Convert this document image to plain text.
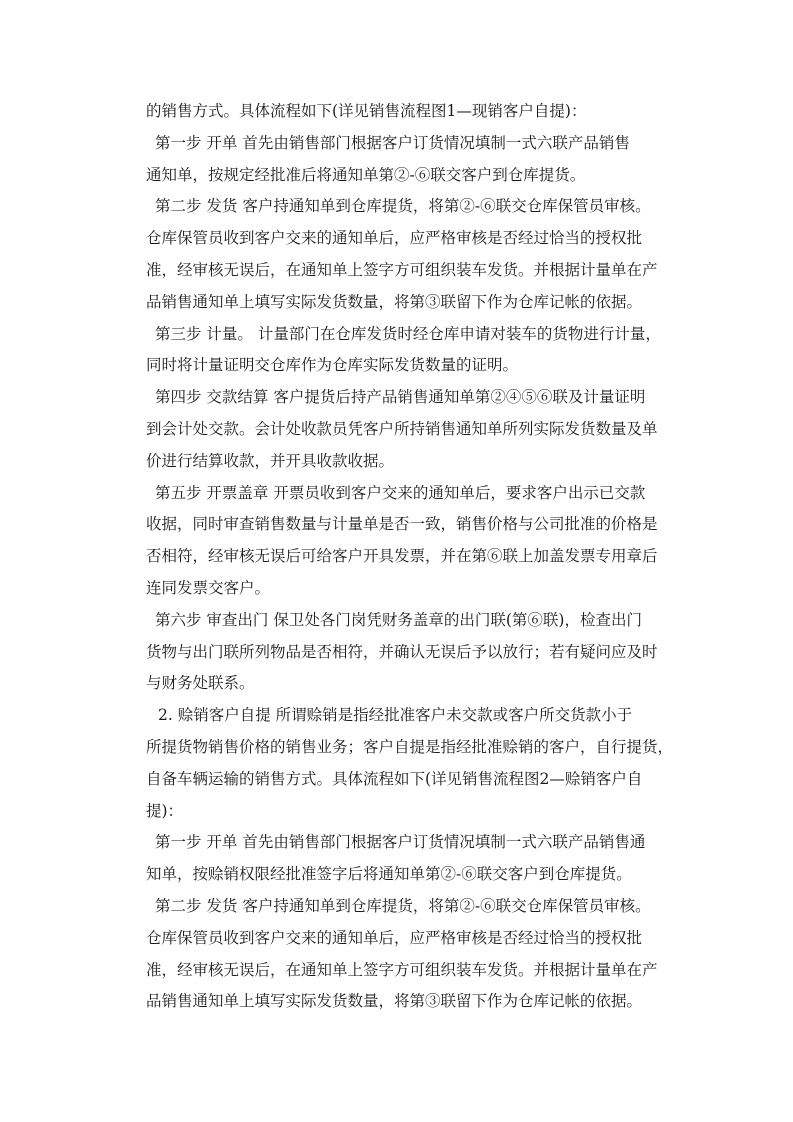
的销售方式。具体流程如下(详见销售流程图1—现销客户自提)：
第一步 开单 首先由销售部门根据客户订货情况填制一式六联产品销售
通知单，按规定经批准后将通知单第②-⑥联交客户到仓库提货。
第二步 发货 客户持通知单到仓库提货，将第②-⑥联交仓库保管员审核。
仓库保管员收到客户交来的通知单后，应严格审核是否经过恰当的授权批
准，经审核无误后，在通知单上签字方可组织装车发货。并根据计量单在产
品销售通知单上填写实际发货数量，将第③联留下作为仓库记帐的依据。
第三步 计量。 计量部门在仓库发货时经仓库申请对装车的货物进行计量，
同时将计量证明交仓库作为仓库实际发货数量的证明。
第四步 交款结算 客户提货后持产品销售通知单第②④⑤⑥联及计量证明
到会计处交款。会计处收款员凭客户所持销售通知单所列实际发货数量及单
价进行结算收款，并开具收款收据。
第五步 开票盖章 开票员收到客户交来的通知单后，要求客户出示已交款
收据，同时审查销售数量与计量单是否一致，销售价格与公司批准的价格是
否相符，经审核无误后可给客户开具发票，并在第⑥联上加盖发票专用章后
连同发票交客户。
第六步 审查出门 保卫处各门岗凭财务盖章的出门联(第⑥联)，检查出门
货物与出门联所列物品是否相符，并确认无误后予以放行；若有疑问应及时
与财务处联系。
2. 赊销客户自提 所谓赊销是指经批准客户未交款或客户所交货款小于
所提货物销售价格的销售业务；客户自提是指经批准赊销的客户，自行提货，
自备车辆运输的销售方式。具体流程如下(详见销售流程图2—赊销客户自
提)：
第一步 开单 首先由销售部门根据客户订货情况填制一式六联产品销售通
知单，按赊销权限经批准签字后将通知单第②-⑥联交客户到仓库提货。
第二步 发货 客户持通知单到仓库提货，将第②-⑥联交仓库保管员审核。
仓库保管员收到客户交来的通知单后，应严格审核是否经过恰当的授权批
准，经审核无误后，在通知单上签字方可组织装车发货。并根据计量单在产
品销售通知单上填写实际发货数量，将第③联留下作为仓库记帐的依据。
